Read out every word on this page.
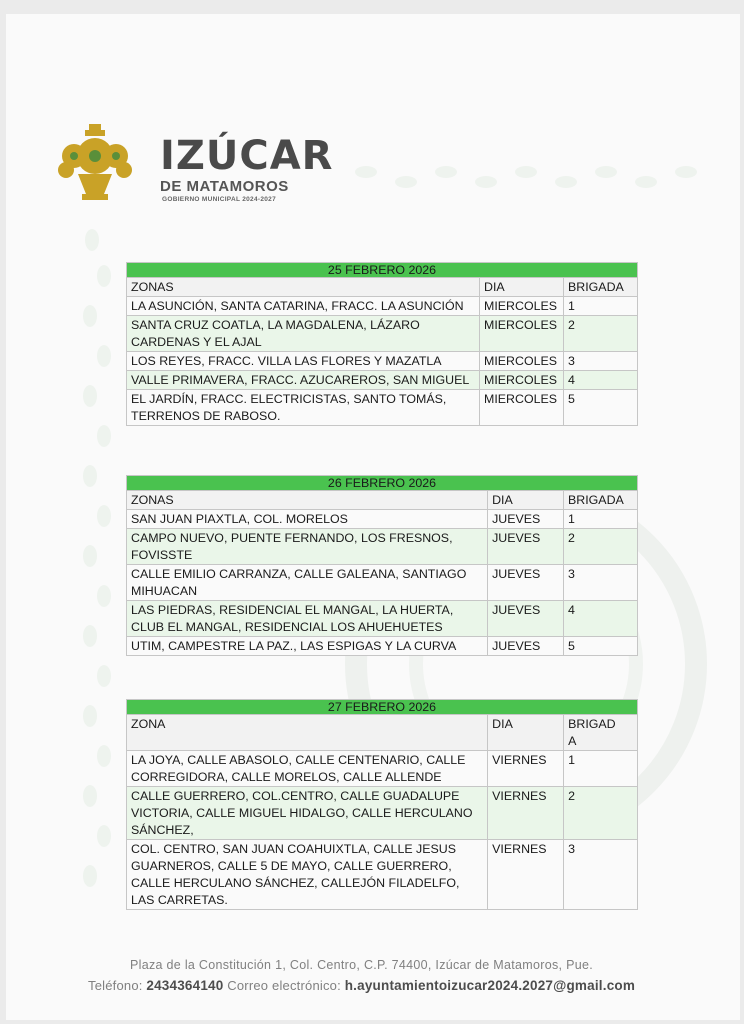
IZÚCAR
DE MATAMOROS
GOBIERNO MUNICIPAL 2024-2027
25 FEBRERO 2026		
ZONAS	DIA	BRIGADA
LA ASUNCIÓN, SANTA CATARINA, FRACC. LA ASUNCIÓN	MIERCOLES	1
SANTA CRUZ COATLA, LA MAGDALENA, LÁZARO CARDENAS Y EL AJAL	MIERCOLES	2
LOS REYES, FRACC. VILLA LAS FLORES Y MAZATLA	MIERCOLES	3
VALLE PRIMAVERA, FRACC. AZUCAREROS, SAN MIGUEL	MIERCOLES	4
EL JARDÍN, FRACC. ELECTRICISTAS, SANTO TOMÁS, TERRENOS DE RABOSO.	MIERCOLES	5
26 FEBRERO 2026		
ZONAS	DIA	BRIGADA
SAN JUAN PIAXTLA, COL. MORELOS	JUEVES	1
CAMPO NUEVO, PUENTE FERNANDO, LOS FRESNOS, FOVISSTE	JUEVES	2
CALLE EMILIO CARRANZA, CALLE GALEANA, SANTIAGO MIHUACAN	JUEVES	3
LAS PIEDRAS, RESIDENCIAL EL MANGAL, LA HUERTA, CLUB EL MANGAL, RESIDENCIAL LOS AHUEHUETES	JUEVES	4
UTIM, CAMPESTRE LA PAZ., LAS ESPIGAS Y LA CURVA	JUEVES	5
27 FEBRERO 2026		
ZONA	DIA	BRIGADA
LA JOYA, CALLE ABASOLO, CALLE CENTENARIO, CALLE CORREGIDORA, CALLE MORELOS, CALLE ALLENDE	VIERNES	1
CALLE GUERRERO, COL.CENTRO, CALLE GUADALUPE VICTORIA, CALLE MIGUEL HIDALGO, CALLE HERCULANO SÁNCHEZ,	VIERNES	2
COL. CENTRO, SAN JUAN COAHUIXTLA, CALLE JESUS GUARNEROS, CALLE 5 DE MAYO, CALLE GUERRERO, CALLE HERCULANO SÁNCHEZ, CALLEJÓN FILADELFO, LAS CARRETAS.	VIERNES	3
Plaza de la Constitución 1, Col. Centro, C.P. 74400, Izúcar de Matamoros, Pue.
Teléfono: 2434364140 Correo electrónico: h.ayuntamientoizucar2024.2027@gmail.com
